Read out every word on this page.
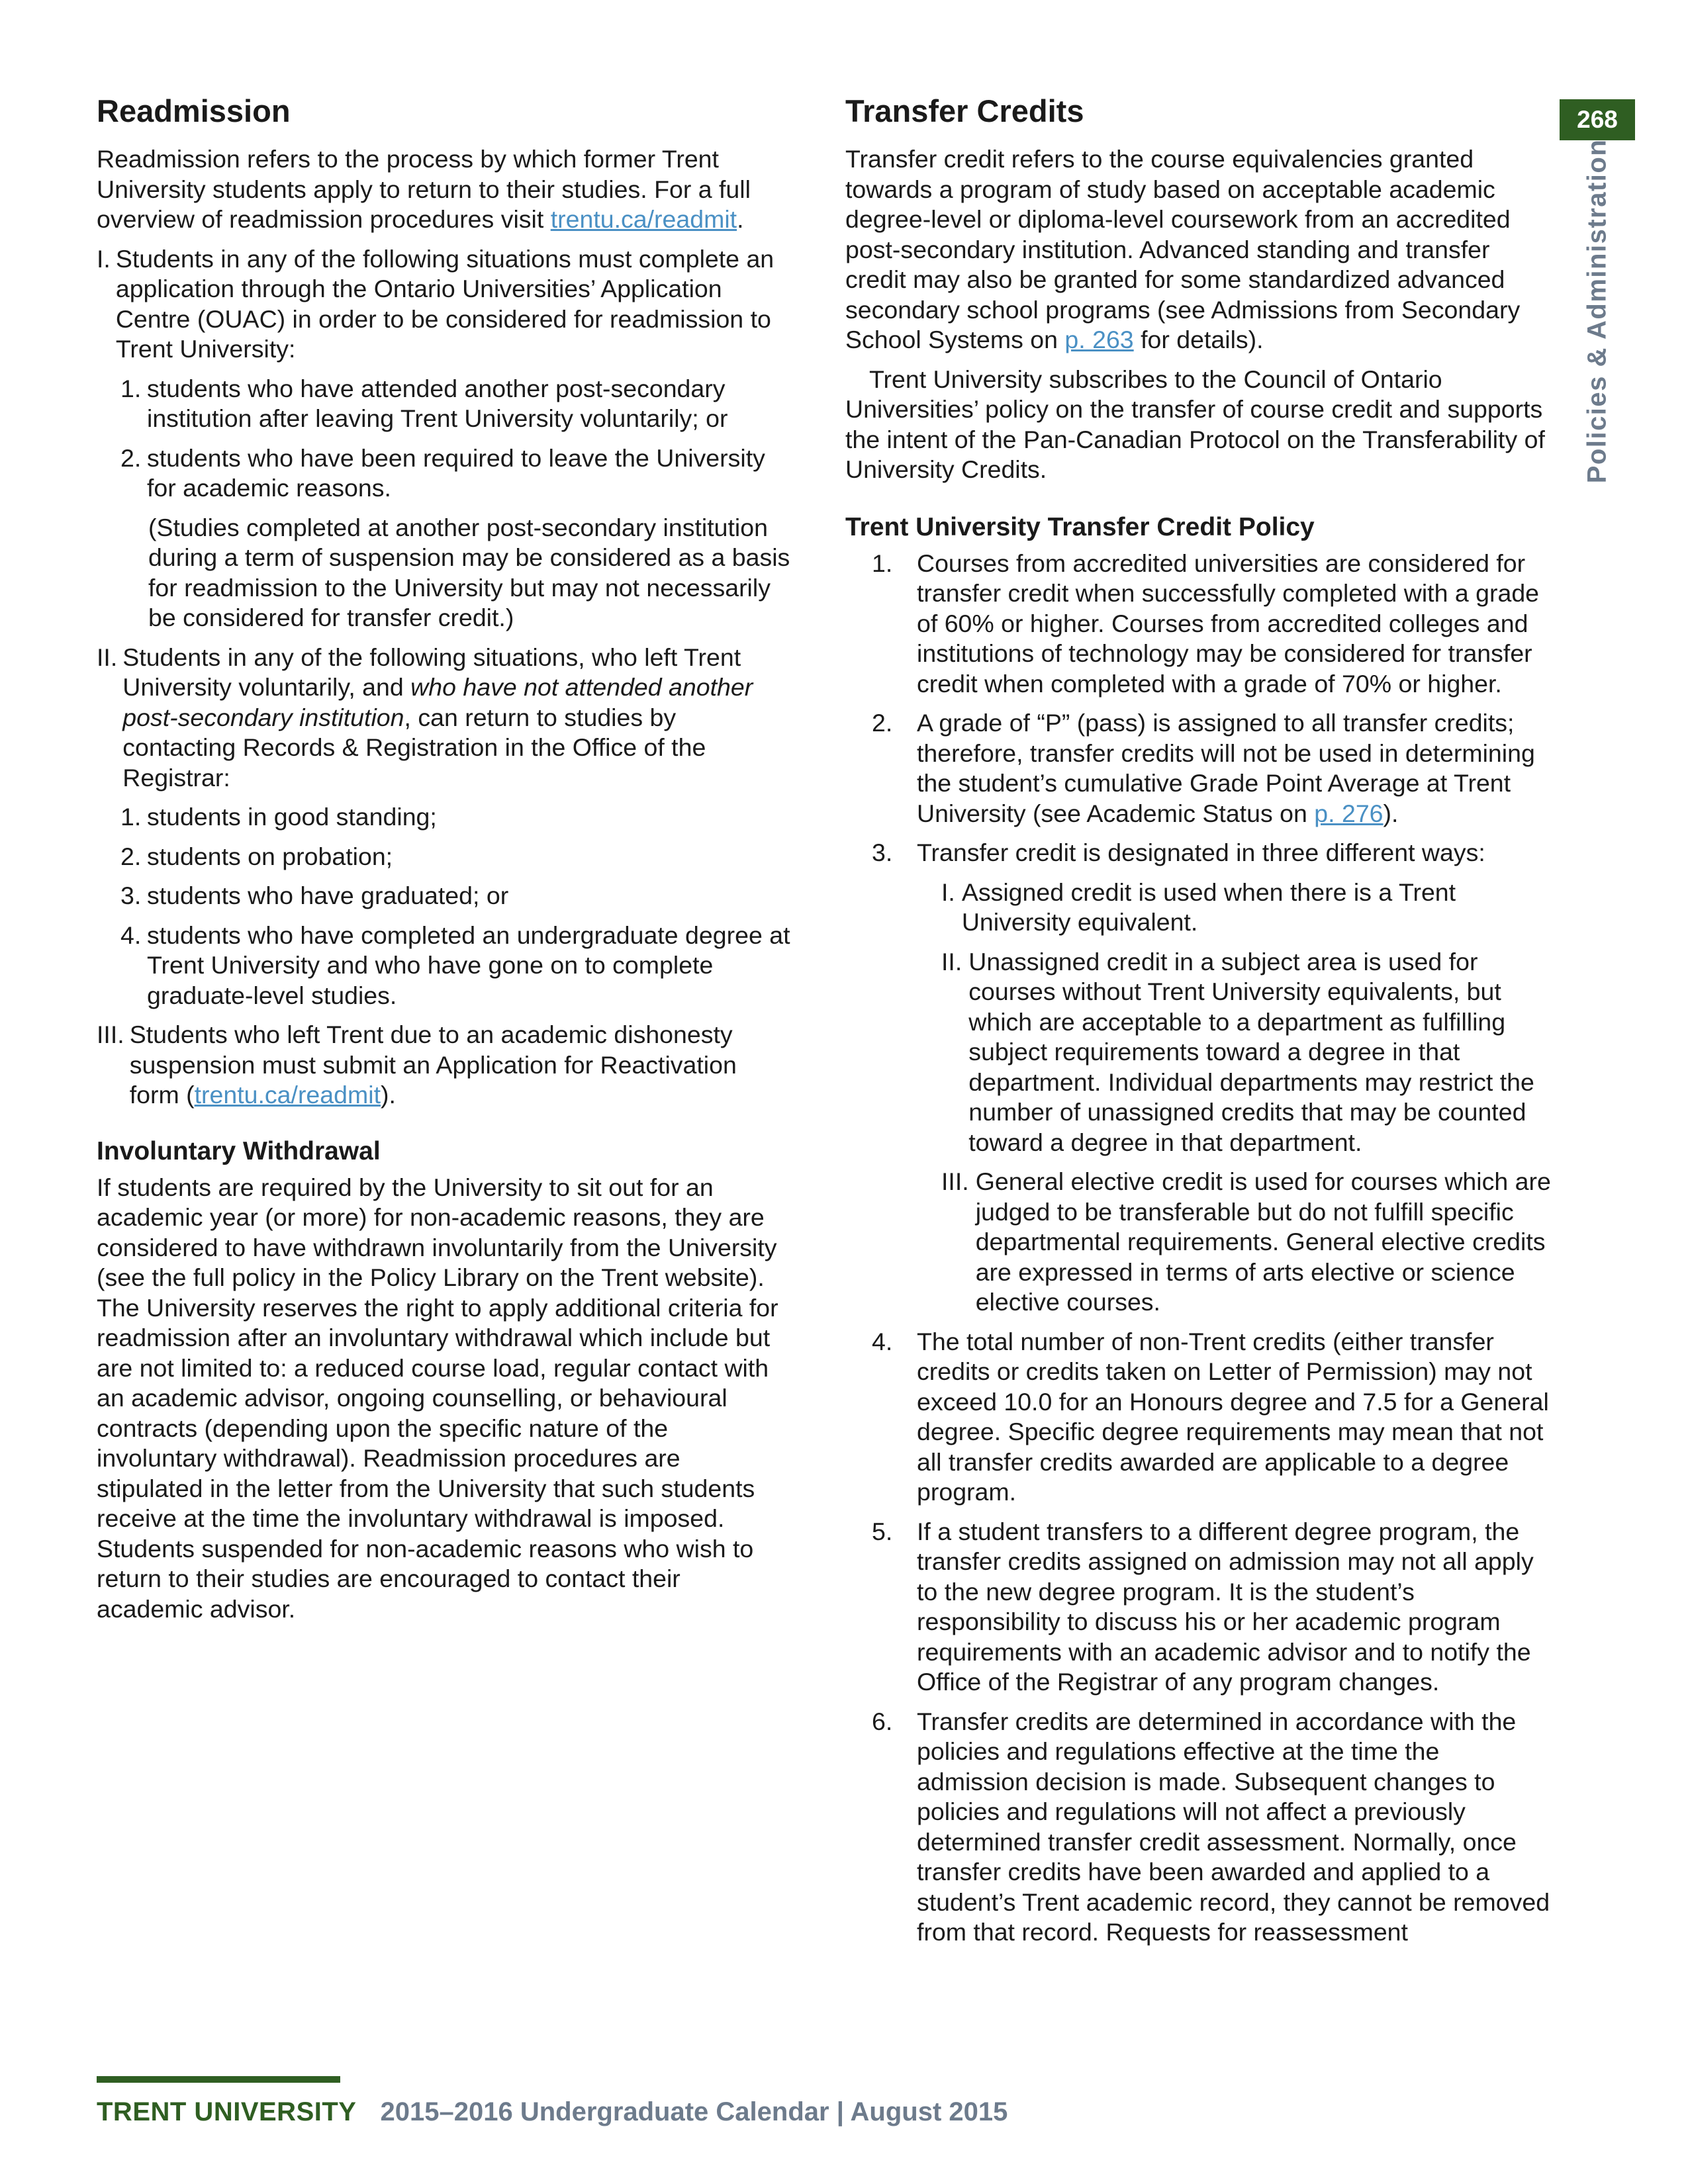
268
Policies & Administration
Readmission

Readmission refers to the process by which former Trent University students apply to return to their studies. For a full overview of readmission procedures visit trentu.ca/readmit.

I. Students in any of the following situations must complete an application through the Ontario Universities’ Application Centre (OUAC) in order to be considered for readmission to Trent University:
1. students who have attended another post-secondary institution after leaving Trent University voluntarily; or
2. students who have been required to leave the University for academic reasons.

(Studies completed at another post-secondary institution during a term of suspension may be considered as a basis for readmission to the University but may not necessarily be considered for transfer credit.)

II. Students in any of the following situations, who left Trent University voluntarily, and who have not attended another post-secondary institution, can return to studies by contacting Records & Registration in the Office of the Registrar:
1. students in good standing;
2. students on probation;
3. students who have graduated; or
4. students who have completed an undergraduate degree at Trent University and who have gone on to complete graduate-level studies.
III. Students who left Trent due to an academic dishonesty suspension must submit an Application for Reactivation form (trentu.ca/readmit).
Involuntary Withdrawal

If students are required by the University to sit out for an academic year (or more) for non-academic reasons, they are considered to have withdrawn involuntarily from the University (see the full policy in the Policy Library on the Trent website). The University reserves the right to apply additional criteria for readmission after an involuntary withdrawal which include but are not limited to: a reduced course load, regular contact with an academic advisor, ongoing counselling, or behavioural contracts (depending upon the specific nature of the involuntary withdrawal). Readmission procedures are stipulated in the letter from the University that such students receive at the time the involuntary withdrawal is imposed. Students suspended for non-academic reasons who wish to return to their studies are encouraged to contact their academic advisor.

Transfer Credits

Transfer credit refers to the course equivalencies granted towards a program of study based on acceptable academic degree-level or diploma-level coursework from an accredited post-secondary institution. Advanced standing and transfer credit may also be granted for some standardized advanced secondary school programs (see Admissions from Secondary School Systems on p. 263 for details).

Trent University subscribes to the Council of Ontario Universities’ policy on the transfer of course credit and supports the intent of the Pan-Canadian Protocol on the Transferability of University Credits.

Trent University Transfer Credit Policy
1. Courses from accredited universities are considered for transfer credit when successfully completed with a grade of 60% or higher. Courses from accredited colleges and institutions of technology may be considered for transfer credit when completed with a grade of 70% or higher.
2. A grade of “P” (pass) is assigned to all transfer credits; therefore, transfer credits will not be used in determining the student’s cumulative Grade Point Average at Trent University (see Academic Status on p. 276).
3. Transfer credit is designated in three different ways:
I. Assigned credit is used when there is a Trent University equivalent.
II. Unassigned credit in a subject area is used for courses without Trent University equivalents, but which are acceptable to a department as fulfilling subject requirements toward a degree in that department. Individual departments may restrict the number of unassigned credits that may be counted toward a degree in that department.
III. General elective credit is used for courses which are judged to be transferable but do not fulfill specific departmental requirements. General elective credits are expressed in terms of arts elective or science elective courses.
4. The total number of non-Trent credits (either transfer credits or credits taken on Letter of Permission) may not exceed 10.0 for an Honours degree and 7.5 for a General degree. Specific degree requirements may mean that not all transfer credits awarded are applicable to a degree program.
5. If a student transfers to a different degree program, the transfer credits assigned on admission may not all apply to the new degree program. It is the student’s responsibility to discuss his or her academic program requirements with an academic advisor and to notify the Office of the Registrar of any program changes.
6. Transfer credits are determined in accordance with the policies and regulations effective at the time the admission decision is made. Subsequent changes to policies and regulations will not affect a previously determined transfer credit assessment. Normally, once transfer credits have been awarded and applied to a student’s Trent academic record, they cannot be removed from that record. Requests for reassessment
TRENT UNIVERSITY 2015–2016 Undergraduate Calendar | August 2015
